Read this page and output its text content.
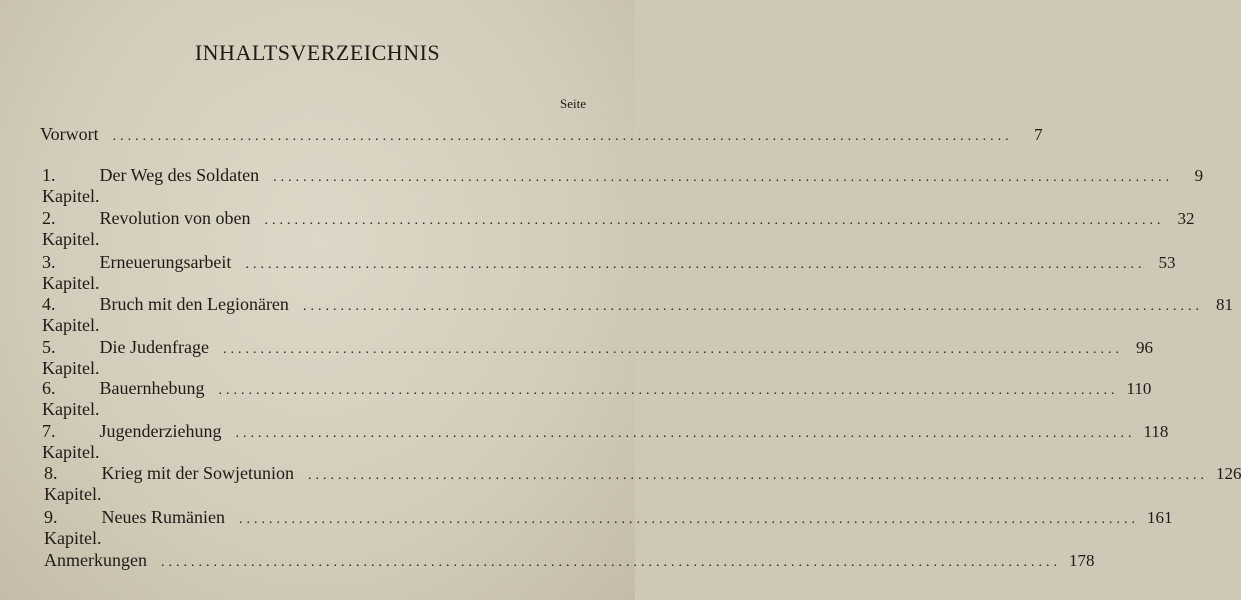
INHALTSVERZEICHNIS
Seite
Vorwort ........................................................................................................................	7
1. Kapitel.
Der Weg des Soldaten ........................................................................................................................	9
2. Kapitel.
Revolution von oben ........................................................................................................................ 32
3. Kapitel.
Erneuerungsarbeit ........................................................................................................................ 53
4. Kapitel.
Bruch mit den Legionären ........................................................................................................................ 81
5. Kapitel.
Die Judenfrage ........................................................................................................................ 96
6. Kapitel.
Bauernhebung ........................................................................................................................ 110
7. Kapitel.
Jugenderziehung ........................................................................................................................ 118
8. Kapitel.
Krieg mit der Sowjetunion ........................................................................................................................ 126
9. Kapitel.
Neues Rumänien ........................................................................................................................ 161
Anmerkungen ........................................................................................................................ 178
